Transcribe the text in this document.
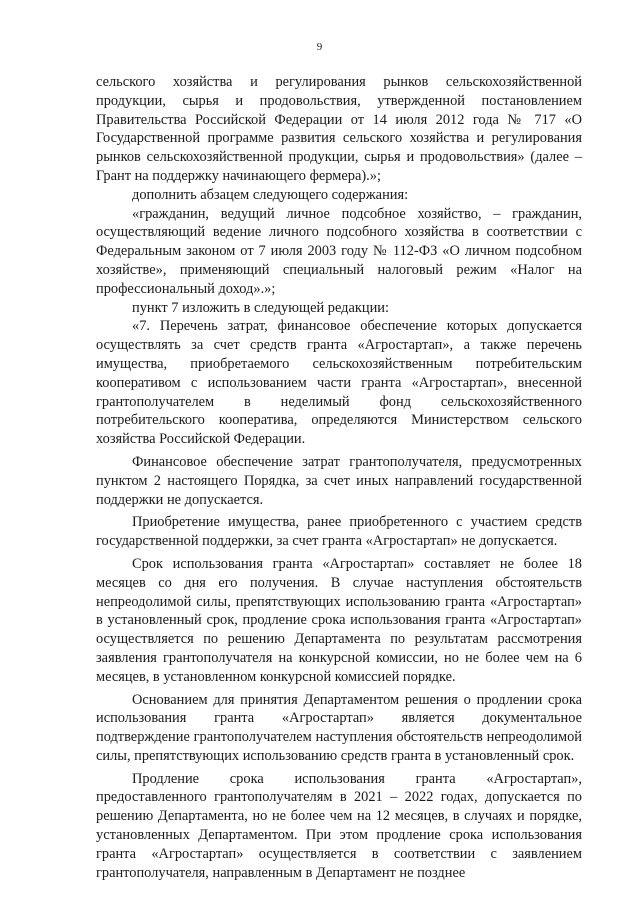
9

сельского хозяйства и регулирования рынков сельскохозяйственной продукции, сырья и продовольствия, утвержденной постановлением Правительства Российской Федерации от 14 июля 2012 года № 717 «О Государственной программе развития сельского хозяйства и регулирования рынков сельскохозяйственной продукции, сырья и продовольствия» (далее – Грант на поддержку начинающего фермера).»;

дополнить абзацем следующего содержания:

«гражданин, ведущий личное подсобное хозяйство, – гражданин, осуществляющий ведение личного подсобного хозяйства в соответствии с Федеральным законом от 7 июля 2003 году № 112-ФЗ «О личном подсобном хозяйстве», применяющий специальный налоговый режим «Налог на профессиональный доход».»;

пункт 7 изложить в следующей редакции:

«7. Перечень затрат, финансовое обеспечение которых допускается осуществлять за счет средств гранта «Агростартап», а также перечень имущества, приобретаемого сельскохозяйственным потребительским кооперативом с использованием части гранта «Агростартап», внесенной грантополучателем в неделимый фонд сельскохозяйственного потребительского кооператива, определяются Министерством сельского хозяйства Российской Федерации.

Финансовое обеспечение затрат грантополучателя, предусмотренных пунктом 2 настоящего Порядка, за счет иных направлений государственной поддержки не допускается.

Приобретение имущества, ранее приобретенного с участием средств государственной поддержки, за счет гранта «Агростартап» не допускается.

Срок использования гранта «Агростартап» составляет не более 18 месяцев со дня его получения. В случае наступления обстоятельств непреодолимой силы, препятствующих использованию гранта «Агростартап» в установленный срок, продление срока использования гранта «Агростартап» осуществляется по решению Департамента по результатам рассмотрения заявления грантополучателя на конкурсной комиссии, но не более чем на 6 месяцев, в установленном конкурсной комиссией порядке.

Основанием для принятия Департаментом решения о продлении срока использования гранта «Агростартап» является документальное подтверждение грантополучателем наступления обстоятельств непреодолимой силы, препятствующих использованию средств гранта в установленный срок.

Продление срока использования гранта «Агростартап», предоставленного грантополучателям в 2021 – 2022 годах, допускается по решению Департамента, но не более чем на 12 месяцев, в случаях и порядке, установленных Департаментом. При этом продление срока использования гранта «Агростартап» осуществляется в соответствии с заявлением грантополучателя, направленным в Департамент не позднее
